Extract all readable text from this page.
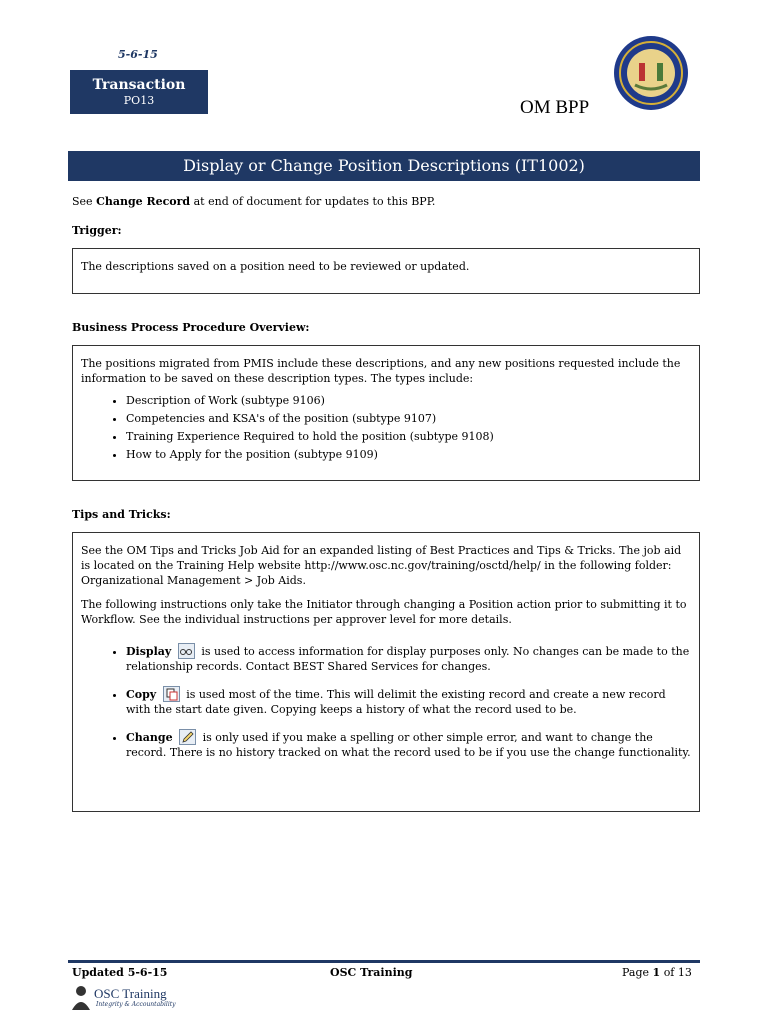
5-6-15
Transaction
PO13	OM BPP
Display or Change Position Descriptions (IT1002)
See Change Record at end of document for updates to this BPP.
Trigger:
The descriptions saved on a position need to be reviewed or updated.
Business Process Procedure Overview:
The positions migrated from PMIS include these descriptions, and any new positions requested include the information to be saved on these description types. The types include:
• Description of Work (subtype 9106)
• Competencies and KSA's of the position (subtype 9107)
• Training Experience Required to hold the position (subtype 9108)
• How to Apply for the position (subtype 9109)
Tips and Tricks:
See the OM Tips and Tricks Job Aid for an expanded listing of Best Practices and Tips & Tricks. The job aid is located on the Training Help website http://www.osc.nc.gov/training/osctd/help/ in the following folder: Organizational Management > Job Aids.
The following instructions only take the Initiator through changing a Position action prior to submitting it to Workflow. See the individual instructions per approver level for more details.
• Display	is used to access information for display purposes only. No changes can be made to the relationship records. Contact BEST Shared Services for changes.
• Copy	is used most of the time. This will delimit the existing record and create a new record with the start date given. Copying keeps a history of what the record used to be.
• Change	is only used if you make a spelling or other simple error, and want to change the record. There is no history tracked on what the record used to be if you use the change functionality.
Updated 5-6-15	OSC Training	Page 1 of 13
OSC Training
Integrity & Accountability
